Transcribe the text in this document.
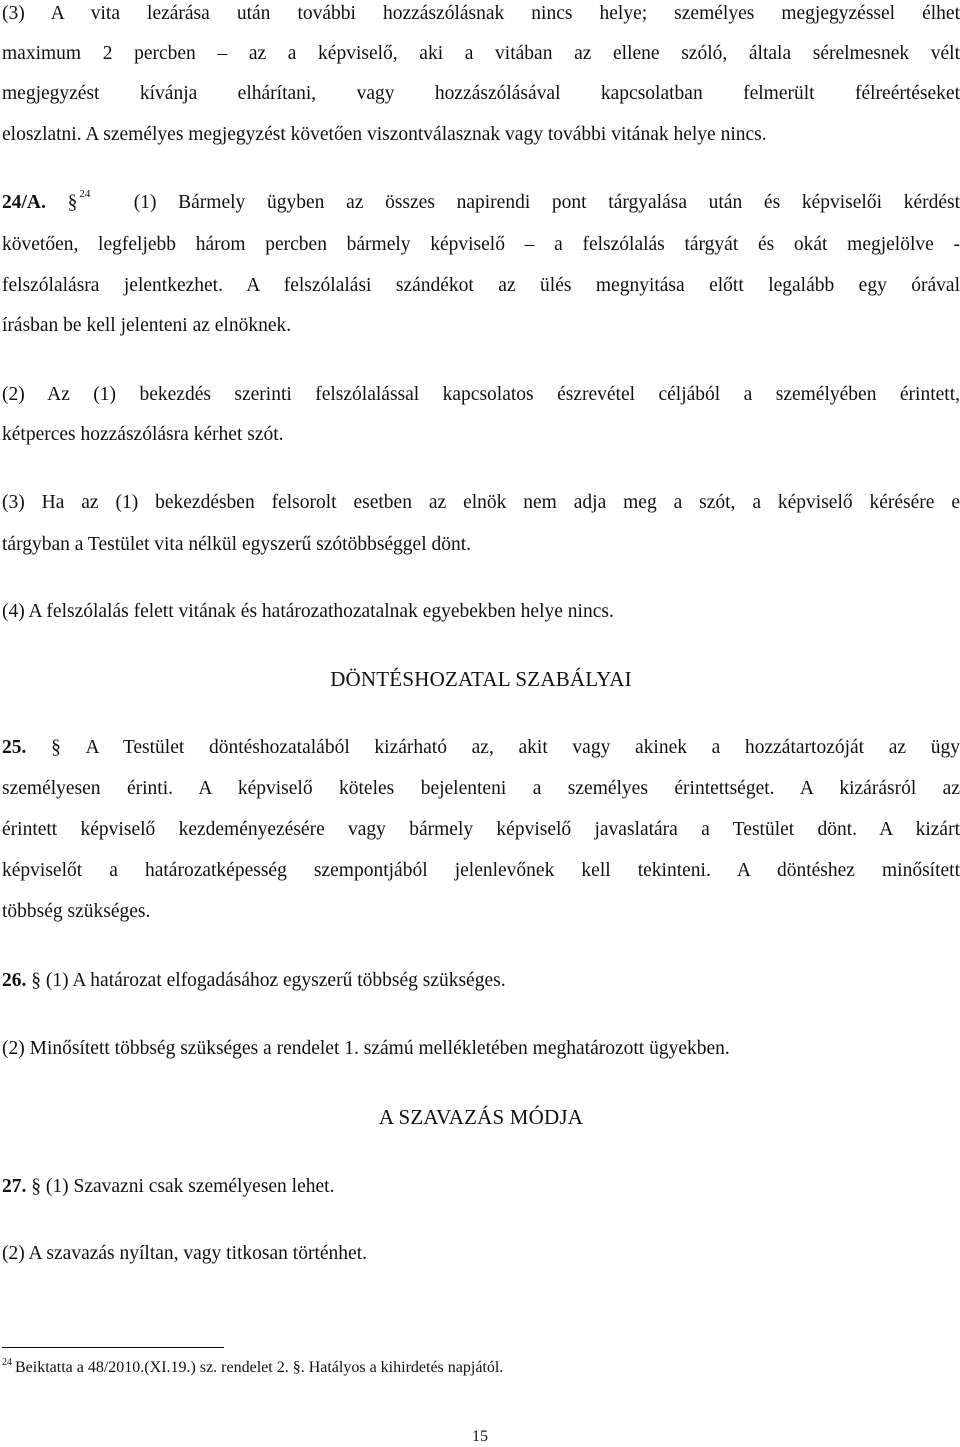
(3) A vita lezárása után további hozzászólásnak nincs helye; személyes megjegyzéssel élhet
maximum 2 percben – az a képviselő, aki a vitában az ellene szóló, általa sérelmesnek vélt
megjegyzést kívánja elhárítani, vagy hozzászólásával kapcsolatban felmerült félreértéseket
eloszlatni. A személyes megjegyzést követően viszontválasznak vagy további vitának helye nincs.
24/A. § $^{24}$ (1) Bármely ügyben az összes napirendi pont tárgyalása után és képviselői kérdést
követően, legfeljebb három percben bármely képviselő – a felszólalás tárgyát és okát megjelölve -
felszólalásra jelentkezhet. A felszólalási szándékot az ülés megnyitása előtt legalább egy órával
írásban be kell jelenteni az elnöknek.
(2) Az (1) bekezdés szerinti felszólalással kapcsolatos észrevétel céljából a személyében érintett,
kétperces hozzászólásra kérhet szót.
(3) Ha az (1) bekezdésben felsorolt esetben az elnök nem adja meg a szót, a képviselő kérésére e
tárgyban a Testület vita nélkül egyszerű szótöbbséggel dönt.
(4) A felszólalás felett vitának és határozathozatalnak egyebekben helye nincs.
DÖNTÉSHOZATAL SZABÁLYAI
25. § A Testület döntéshozatalából kizárható az, akit vagy akinek a hozzátartozóját az ügy
személyesen érinti. A képviselő köteles bejelenteni a személyes érintettséget. A kizárásról az
érintett képviselő kezdeményezésére vagy bármely képviselő javaslatára a Testület dönt. A kizárt
képviselőt a határozatképesség szempontjából jelenlevőnek kell tekinteni. A döntéshez minősített
többség szükséges.
26. § (1) A határozat elfogadásához egyszerű többség szükséges.
(2) Minősített többség szükséges a rendelet 1. számú mellékletében meghatározott ügyekben.
A SZAVAZÁS MÓDJA
27. § (1) Szavazni csak személyesen lehet.
(2) A szavazás nyíltan, vagy titkosan történhet.
$^{24}$ Beiktatta a 48/2010.(XI.19.) sz. rendelet 2. §. Hatályos a kihirdetés napjától.
15
